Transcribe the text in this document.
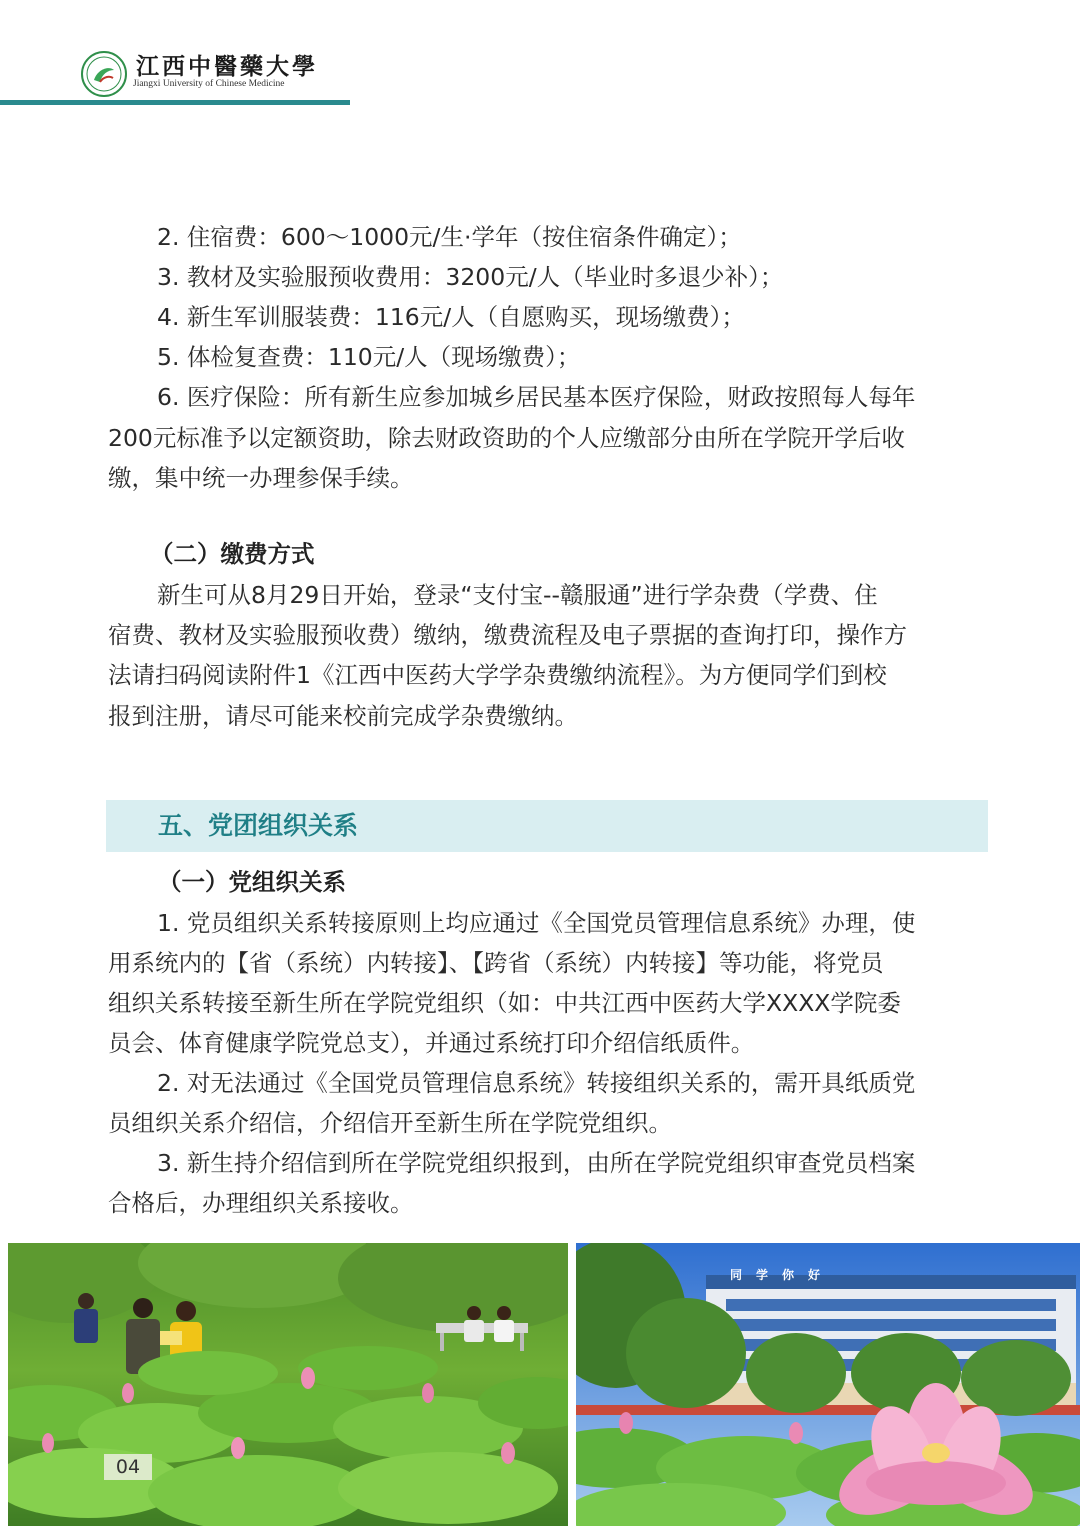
江西中醫藥大學
Jiangxi University of Chinese Medicine
2. 住宿费：600～1000元/生·学年（按住宿条件确定）；
3. 教材及实验服预收费用：3200元/人（毕业时多退少补）；
4. 新生军训服装费：116元/人（自愿购买，现场缴费）；
5. 体检复查费：110元/人（现场缴费）；
6. 医疗保险：所有新生应参加城乡居民基本医疗保险，财政按照每人每年
200元标准予以定额资助，除去财政资助的个人应缴部分由所在学院开学后收
缴，集中统一办理参保手续。
（二）缴费方式
新生可从8月29日开始，登录“支付宝--赣服通”进行学杂费（学费、住
宿费、教材及实验服预收费）缴纳，缴费流程及电子票据的查询打印，操作方
法请扫码阅读附件1《江西中医药大学学杂费缴纳流程》。为方便同学们到校
报到注册，请尽可能来校前完成学杂费缴纳。
五、党团组织关系
（一）党组织关系
1. 党员组织关系转接原则上均应通过《全国党员管理信息系统》办理，使
用系统内的【省（系统）内转接】、【跨省（系统）内转接】等功能，将党员
组织关系转接至新生所在学院党组织（如：中共江西中医药大学XXXX学院委
员会、体育健康学院党总支），并通过系统打印介绍信纸质件。
2. 对无法通过《全国党员管理信息系统》转接组织关系的，需开具纸质党
员组织关系介绍信，介绍信开至新生所在学院党组织。
3. 新生持介绍信到所在学院党组织报到，由所在学院党组织审查党员档案
合格后，办理组织关系接收。
04
同学你好
